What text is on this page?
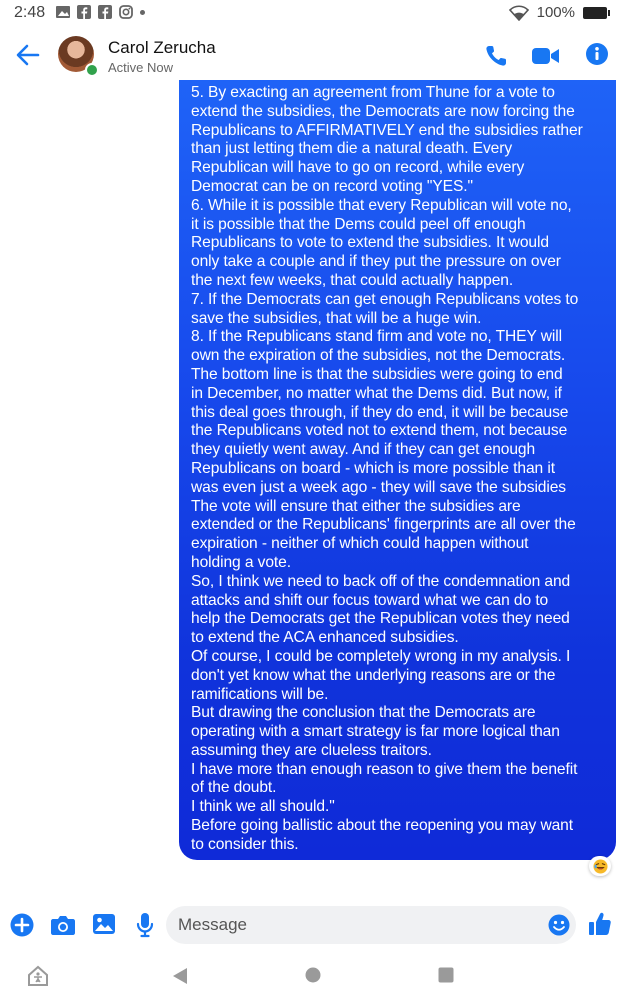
2:48	100%
Carol Zerucha
Active Now

5. By exacting an agreement from Thune for a vote to
extend the subsidies, the Democrats are now forcing the
Republicans to AFFIRMATIVELY end the subsidies rather
than just letting them die a natural death. Every
Republican will have to go on record, while every
Democrat can be on record voting "YES."
6. While it is possible that every Republican will vote no,
it is possible that the Dems could peel off enough
Republicans to vote to extend the subsidies. It would
only take a couple and if they put the pressure on over
the next few weeks, that could actually happen.
7. If the Democrats can get enough Republicans votes to
save the subsidies, that will be a huge win.
8. If the Republicans stand firm and vote no, THEY will
own the expiration of the subsidies, not the Democrats.
The bottom line is that the subsidies were going to end
in December, no matter what the Dems did. But now, if
this deal goes through, if they do end, it will be because
the Republicans voted not to extend them, not because
they quietly went away. And if they can get enough
Republicans on board - which is more possible than it
was even just a week ago - they will save the subsidies
The vote will ensure that either the subsidies are
extended or the Republicans' fingerprints are all over the
expiration - neither of which could happen without
holding a vote.
So, I think we need to back off of the condemnation and
attacks and shift our focus toward what we can do to
help the Democrats get the Republican votes they need
to extend the ACA enhanced subsidies.
Of course, I could be completely wrong in my analysis. I
don't yet know what the underlying reasons are or the
ramifications will be.
But drawing the conclusion that the Democrats are
operating with a smart strategy is far more logical than
assuming they are clueless traitors.
I have more than enough reason to give them the benefit
of the doubt.
I think we all should."
Before going ballistic about the reopening you may want
to consider this.

Message
